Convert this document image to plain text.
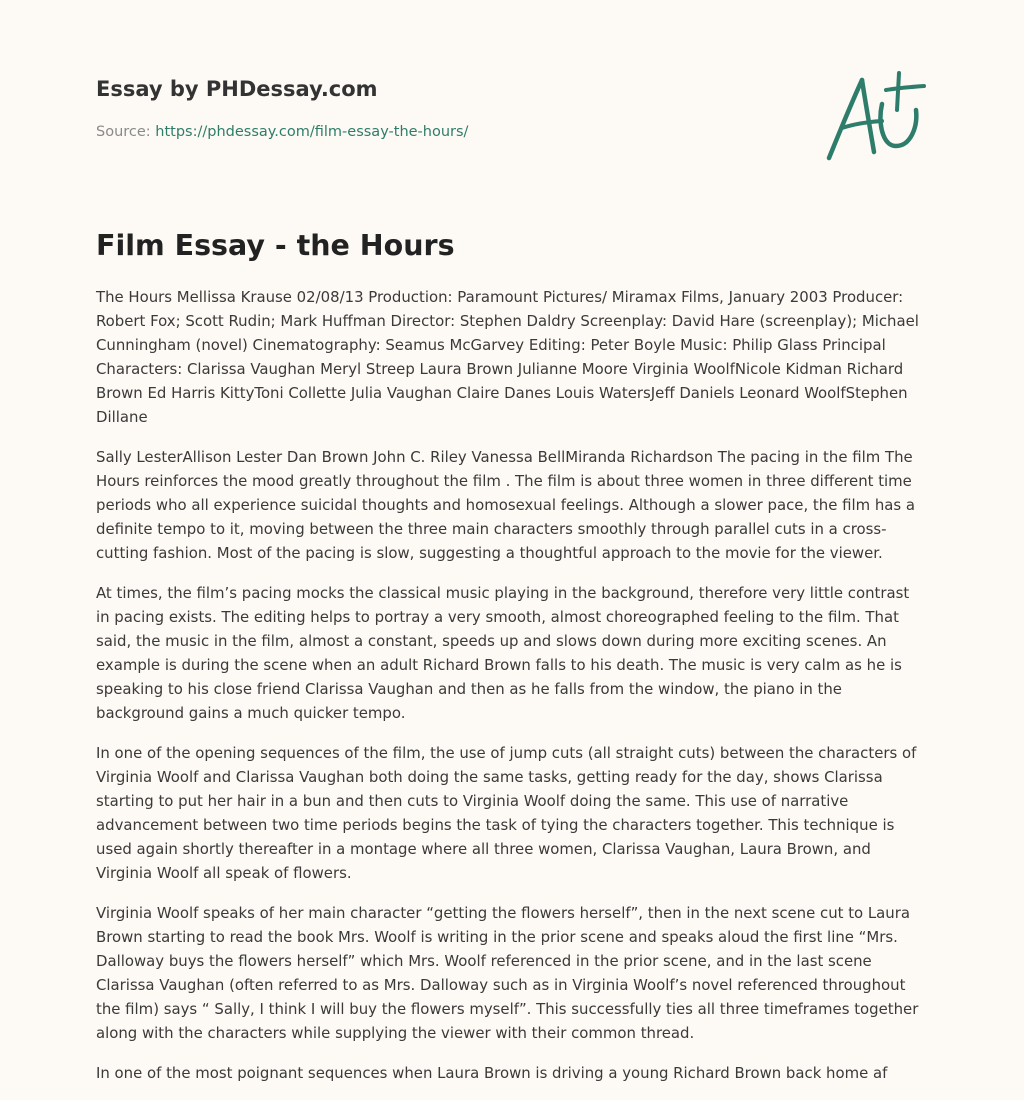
Essay by PHDessay.com
Source: https://phdessay.com/film-essay-the-hours/
Film Essay - the Hours

The Hours Mellissa Krause 02/08/13 Production: Paramount Pictures/ Miramax Films, January 2003 Producer: Robert Fox; Scott Rudin; Mark Huffman Director: Stephen Daldry Screenplay: David Hare (screenplay); Michael Cunningham (novel) Cinematography: Seamus McGarvey Editing: Peter Boyle Music: Philip Glass Principal Characters: Clarissa Vaughan Meryl Streep Laura Brown Julianne Moore Virginia WoolfNicole Kidman Richard Brown Ed Harris KittyToni Collette Julia Vaughan Claire Danes Louis WatersJeff Daniels Leonard WoolfStephen Dillane

Sally LesterAllison Lester Dan Brown John C. Riley Vanessa BellMiranda Richardson The pacing in the film The Hours reinforces the mood greatly throughout the film . The film is about three women in three different time periods who all experience suicidal thoughts and homosexual feelings. Although a slower pace, the film has a definite tempo to it, moving between the three main characters smoothly through parallel cuts in a cross-cutting fashion. Most of the pacing is slow, suggesting a thoughtful approach to the movie for the viewer.

At times, the film’s pacing mocks the classical music playing in the background, therefore very little contrast in pacing exists. The editing helps to portray a very smooth, almost choreographed feeling to the film. That said, the music in the film, almost a constant, speeds up and slows down during more exciting scenes. An example is during the scene when an adult Richard Brown falls to his death. The music is very calm as he is speaking to his close friend Clarissa Vaughan and then as he falls from the window, the piano in the background gains a much quicker tempo.

In one of the opening sequences of the film, the use of jump cuts (all straight cuts) between the characters of Virginia Woolf and Clarissa Vaughan both doing the same tasks, getting ready for the day, shows Clarissa starting to put her hair in a bun and then cuts to Virginia Woolf doing the same. This use of narrative advancement between two time periods begins the task of tying the characters together. This technique is used again shortly thereafter in a montage where all three women, Clarissa Vaughan, Laura Brown, and Virginia Woolf all speak of flowers.

Virginia Woolf speaks of her main character “getting the flowers herself”, then in the next scene cut to Laura Brown starting to read the book Mrs. Woolf is writing in the prior scene and speaks aloud the first line “Mrs. Dalloway buys the flowers herself” which Mrs. Woolf referenced in the prior scene, and in the last scene Clarissa Vaughan (often referred to as Mrs. Dalloway such as in Virginia Woolf’s novel referenced throughout the film) says “ Sally, I think I will buy the flowers myself”. This successfully ties all three timeframes together along with the characters while supplying the viewer with their common thread.

In one of the most poignant sequences when Laura Brown is driving a young Richard Brown back home af
